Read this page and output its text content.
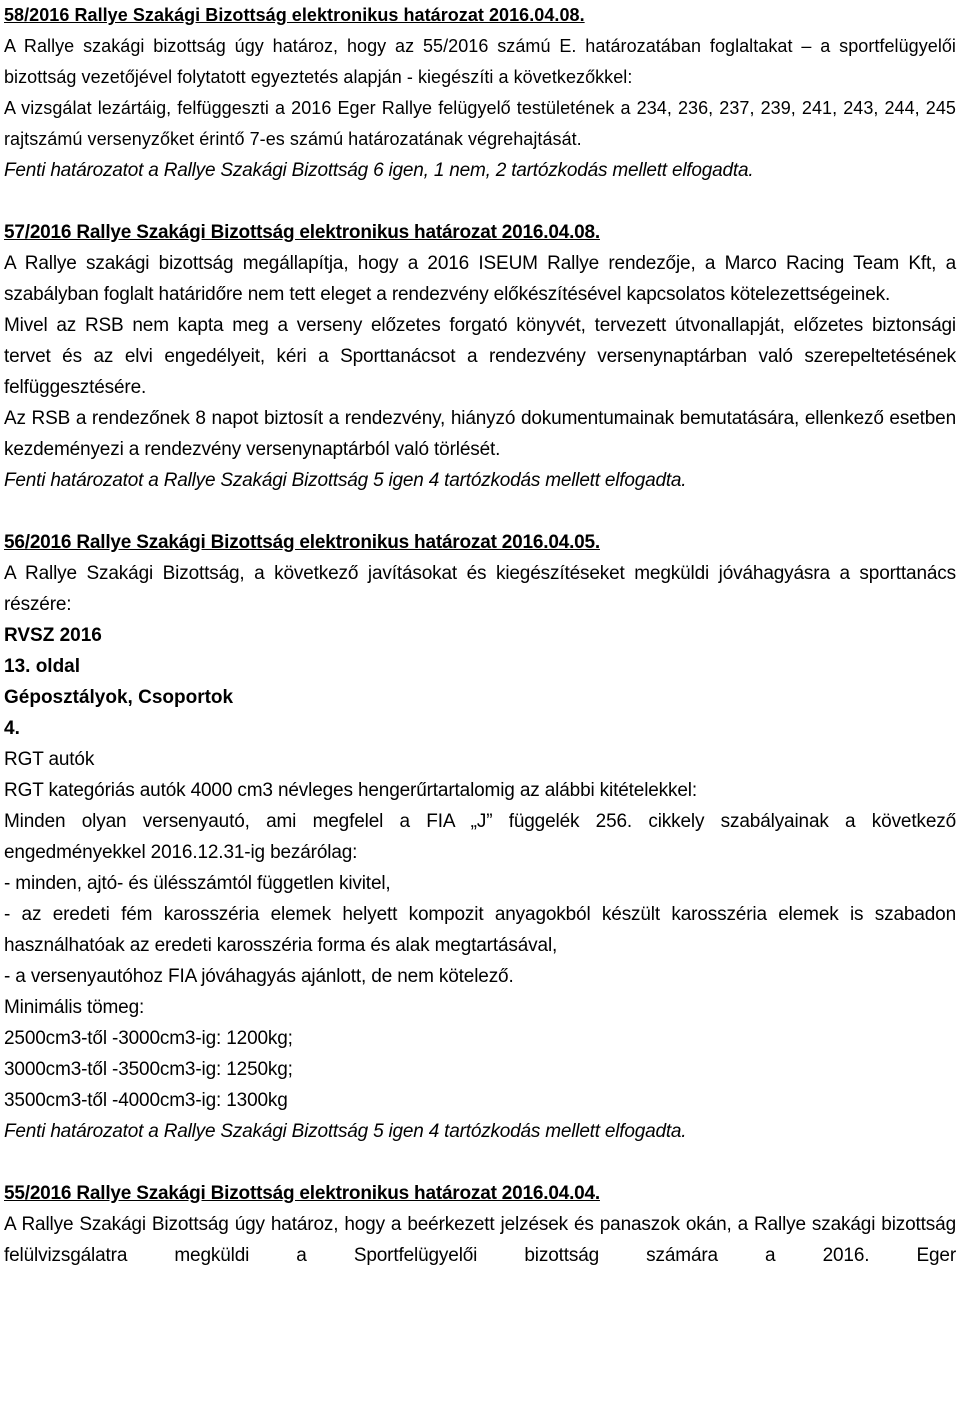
58/2016 Rallye Szakági Bizottság elektronikus határozat 2016.04.08.

A Rallye szakági bizottság úgy határoz, hogy az 55/2016 számú E. határozatában foglaltakat – a sportfelügyelői bizottság vezetőjével folytatott egyeztetés alapján - kiegészíti a következőkkel:

A vizsgálat lezártáig, felfüggeszti a 2016 Eger Rallye felügyelő testületének a 234, 236, 237, 239, 241, 243, 244, 245 rajtszámú versenyzőket érintő 7-es számú határozatának végrehajtását.

Fenti határozatot a Rallye Szakági Bizottság 6 igen, 1 nem, 2 tartózkodás mellett elfogadta.

57/2016 Rallye Szakági Bizottság elektronikus határozat 2016.04.08.

A Rallye szakági bizottság megállapítja, hogy a 2016 ISEUM Rallye rendezője, a Marco Racing Team Kft, a szabályban foglalt határidőre nem tett eleget a rendezvény előkészítésével kapcsolatos kötelezettségeinek.

Mivel az RSB nem kapta meg a verseny előzetes forgató könyvét, tervezett útvonallapját, előzetes biztonsági tervet és az elvi engedélyeit, kéri a Sporttanácsot a rendezvény versenynaptárban való szerepeltetésének felfüggesztésére.

Az RSB a rendezőnek 8 napot biztosít a rendezvény, hiányzó dokumentumainak bemutatására, ellenkező esetben kezdeményezi a rendezvény versenynaptárból való törlését.

Fenti határozatot a Rallye Szakági Bizottság 5 igen 4 tartózkodás mellett elfogadta.

56/2016 Rallye Szakági Bizottság elektronikus határozat 2016.04.05.

A Rallye Szakági Bizottság, a következő javításokat és kiegészítéseket megküldi jóváhagyásra a sporttanács részére:

RVSZ 2016

13. oldal

Géposztályok, Csoportok

4.

RGT autók

RGT kategóriás autók 4000 cm3 névleges hengerűrtartalomig az alábbi kitételekkel:

Minden olyan versenyautó, ami megfelel a FIA „J” függelék 256. cikkely szabályainak a következő engedményekkel 2016.12.31-ig bezárólag:

- minden, ajtó- és ülésszámtól független kivitel,

- az eredeti fém karosszéria elemek helyett kompozit anyagokból készült karosszéria elemek is szabadon használhatóak az eredeti karosszéria forma és alak megtartásával,

- a versenyautóhoz FIA jóváhagyás ajánlott, de nem kötelező.

Minimális tömeg:

2500cm3-től -3000cm3-ig: 1200kg;

3000cm3-től -3500cm3-ig: 1250kg;

3500cm3-től -4000cm3-ig: 1300kg

Fenti határozatot a Rallye Szakági Bizottság 5 igen 4 tartózkodás mellett elfogadta.

55/2016 Rallye Szakági Bizottság elektronikus határozat 2016.04.04.

A Rallye Szakági Bizottság úgy határoz, hogy a beérkezett jelzések és panaszok okán, a Rallye szakági bizottság felülvizsgálatra megküldi a Sportfelügyelői bizottság számára a 2016. Eger
